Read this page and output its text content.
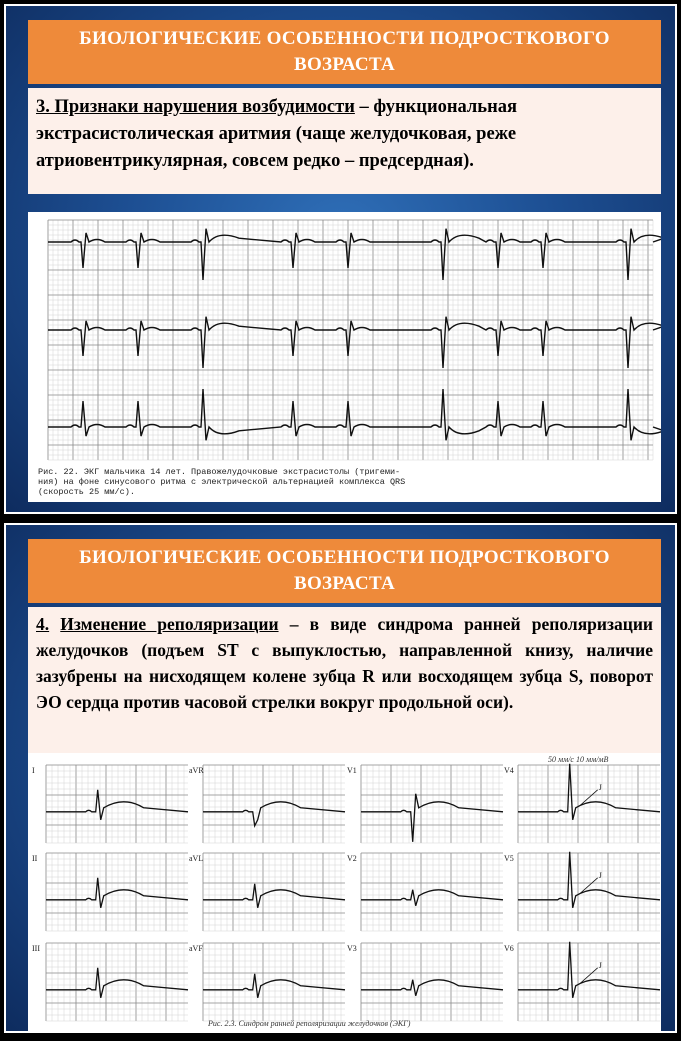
БИОЛОГИЧЕСКИЕ ОСОБЕННОСТИ ПОДРОСТКОВОГО ВОЗРАСТА
3. Признаки нарушения возбудимости – функциональная экстрасистолическая аритмия (чаще желудочковая, реже атриовентрикулярная, совсем редко – предсердная).
Рис. 22. ЭКГ мальчика 14 лет. Правожелудочковые экстрасистолы (тригеми-
ния) на фоне синусового ритма с электрической альтернацией комплекса QRS
(скорость 25 мм/с).
БИОЛОГИЧЕСКИЕ ОСОБЕННОСТИ ПОДРОСТКОВОГО ВОЗРАСТА
4. Изменение реполяризации – в виде синдрома ранней реполяризации желудочков (подъем ST с выпуклостью, направленной книзу, наличие зазубрены на нисходящем колене зубца R или восходящем зубца S, поворот ЭО сердца против часовой стрелки вокруг продольной оси).
I	aVR	V1	V4
J
II	aVL	V2	V5
J
III	aVF	V3	V6
J
50 мм/с 10 мм/мВ
Рис. 2.3. Синдром ранней реполяризации желудочков (ЭКГ)
